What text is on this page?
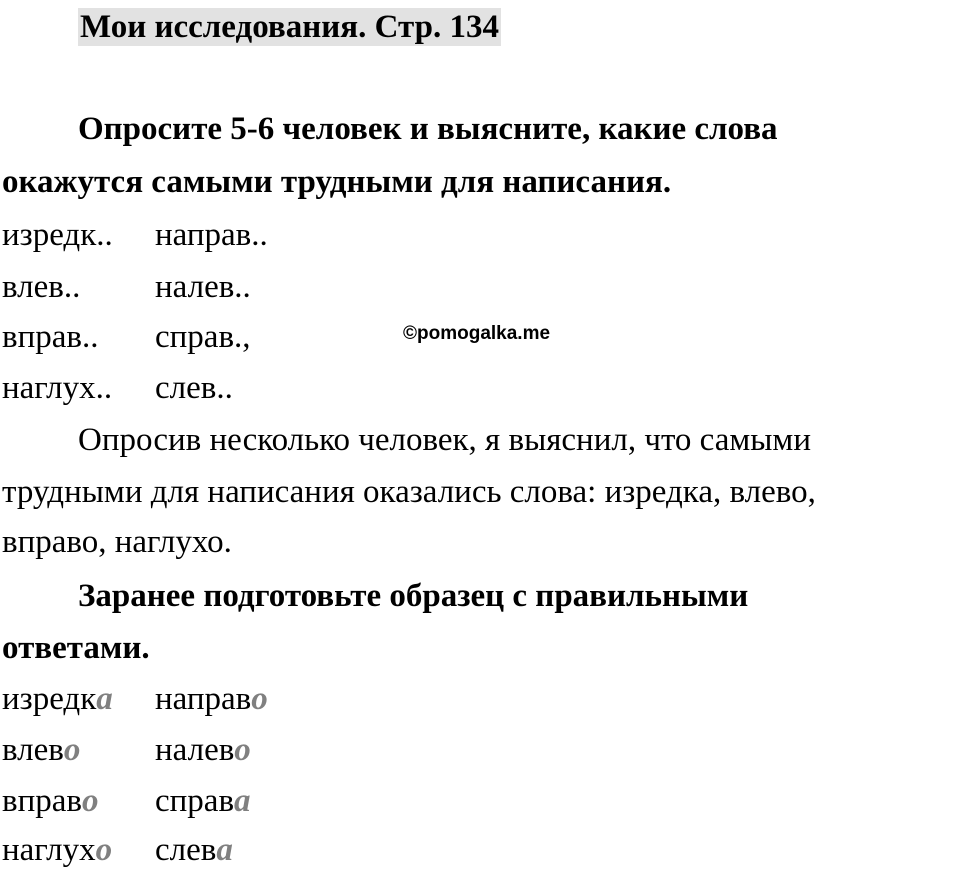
Мои исследования. Стр. 134
Опросите 5-6 человек и выясните, какие слова
окажутся самыми трудными для написания.
изредк.. направ..
влев.. налев..
вправ.. справ.,
наглух.. слев..
©pomogalka.me
Опросив несколько человек, я выяснил, что самыми
трудными для написания оказались слова: изредка, влево,
вправо, наглухо.
Заранее подготовьте образец с правильными
ответами.
изредка направо
влево налево
вправо справа
наглухо слева
